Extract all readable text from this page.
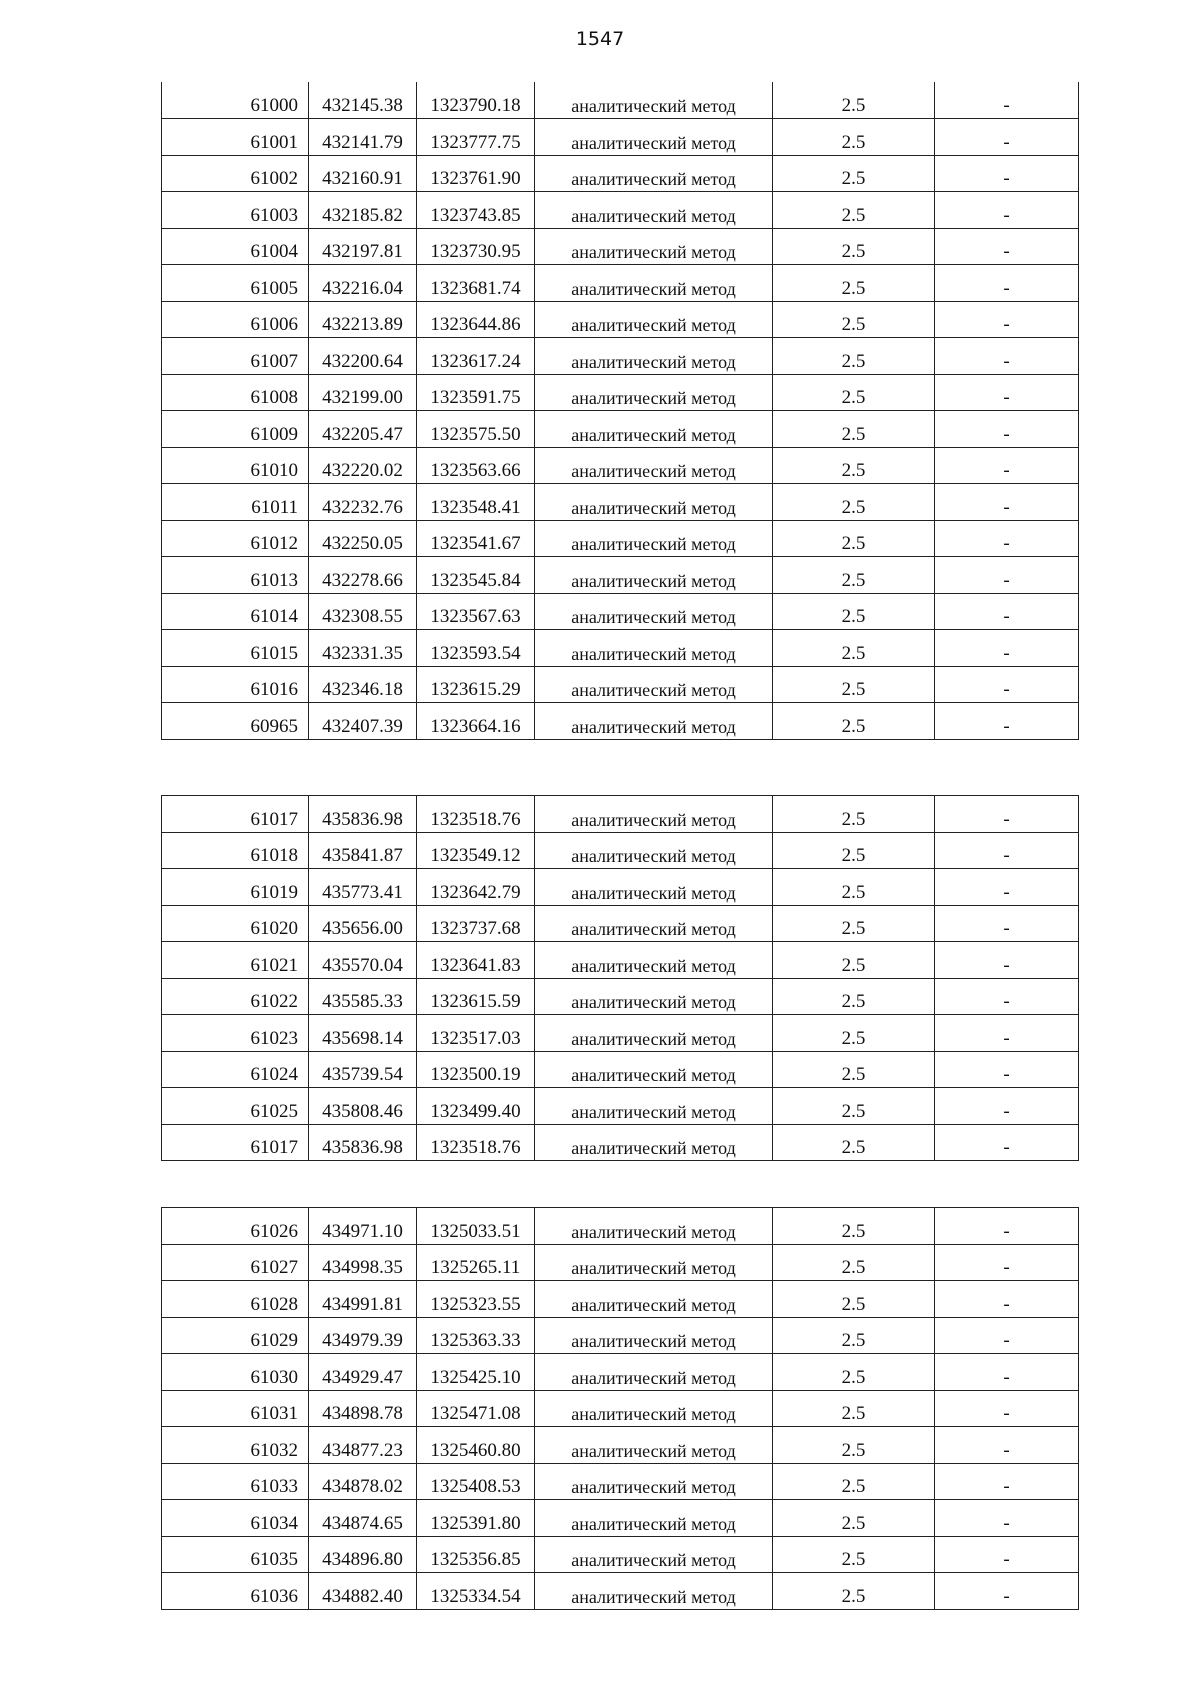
1547
61000	432145.38	1323790.18	аналитический метод	2.5	-
61001	432141.79	1323777.75	аналитический метод	2.5	-
61002	432160.91	1323761.90	аналитический метод	2.5	-
61003	432185.82	1323743.85	аналитический метод	2.5	-
61004	432197.81	1323730.95	аналитический метод	2.5	-
61005	432216.04	1323681.74	аналитический метод	2.5	-
61006	432213.89	1323644.86	аналитический метод	2.5	-
61007	432200.64	1323617.24	аналитический метод	2.5	-
61008	432199.00	1323591.75	аналитический метод	2.5	-
61009	432205.47	1323575.50	аналитический метод	2.5	-
61010	432220.02	1323563.66	аналитический метод	2.5	-
61011	432232.76	1323548.41	аналитический метод	2.5	-
61012	432250.05	1323541.67	аналитический метод	2.5	-
61013	432278.66	1323545.84	аналитический метод	2.5	-
61014	432308.55	1323567.63	аналитический метод	2.5	-
61015	432331.35	1323593.54	аналитический метод	2.5	-
61016	432346.18	1323615.29	аналитический метод	2.5	-
60965	432407.39	1323664.16	аналитический метод	2.5	-
61017	435836.98	1323518.76	аналитический метод	2.5	-
61018	435841.87	1323549.12	аналитический метод	2.5	-
61019	435773.41	1323642.79	аналитический метод	2.5	-
61020	435656.00	1323737.68	аналитический метод	2.5	-
61021	435570.04	1323641.83	аналитический метод	2.5	-
61022	435585.33	1323615.59	аналитический метод	2.5	-
61023	435698.14	1323517.03	аналитический метод	2.5	-
61024	435739.54	1323500.19	аналитический метод	2.5	-
61025	435808.46	1323499.40	аналитический метод	2.5	-
61017	435836.98	1323518.76	аналитический метод	2.5	-
61026	434971.10	1325033.51	аналитический метод	2.5	-
61027	434998.35	1325265.11	аналитический метод	2.5	-
61028	434991.81	1325323.55	аналитический метод	2.5	-
61029	434979.39	1325363.33	аналитический метод	2.5	-
61030	434929.47	1325425.10	аналитический метод	2.5	-
61031	434898.78	1325471.08	аналитический метод	2.5	-
61032	434877.23	1325460.80	аналитический метод	2.5	-
61033	434878.02	1325408.53	аналитический метод	2.5	-
61034	434874.65	1325391.80	аналитический метод	2.5	-
61035	434896.80	1325356.85	аналитический метод	2.5	-
61036	434882.40	1325334.54	аналитический метод	2.5	-
